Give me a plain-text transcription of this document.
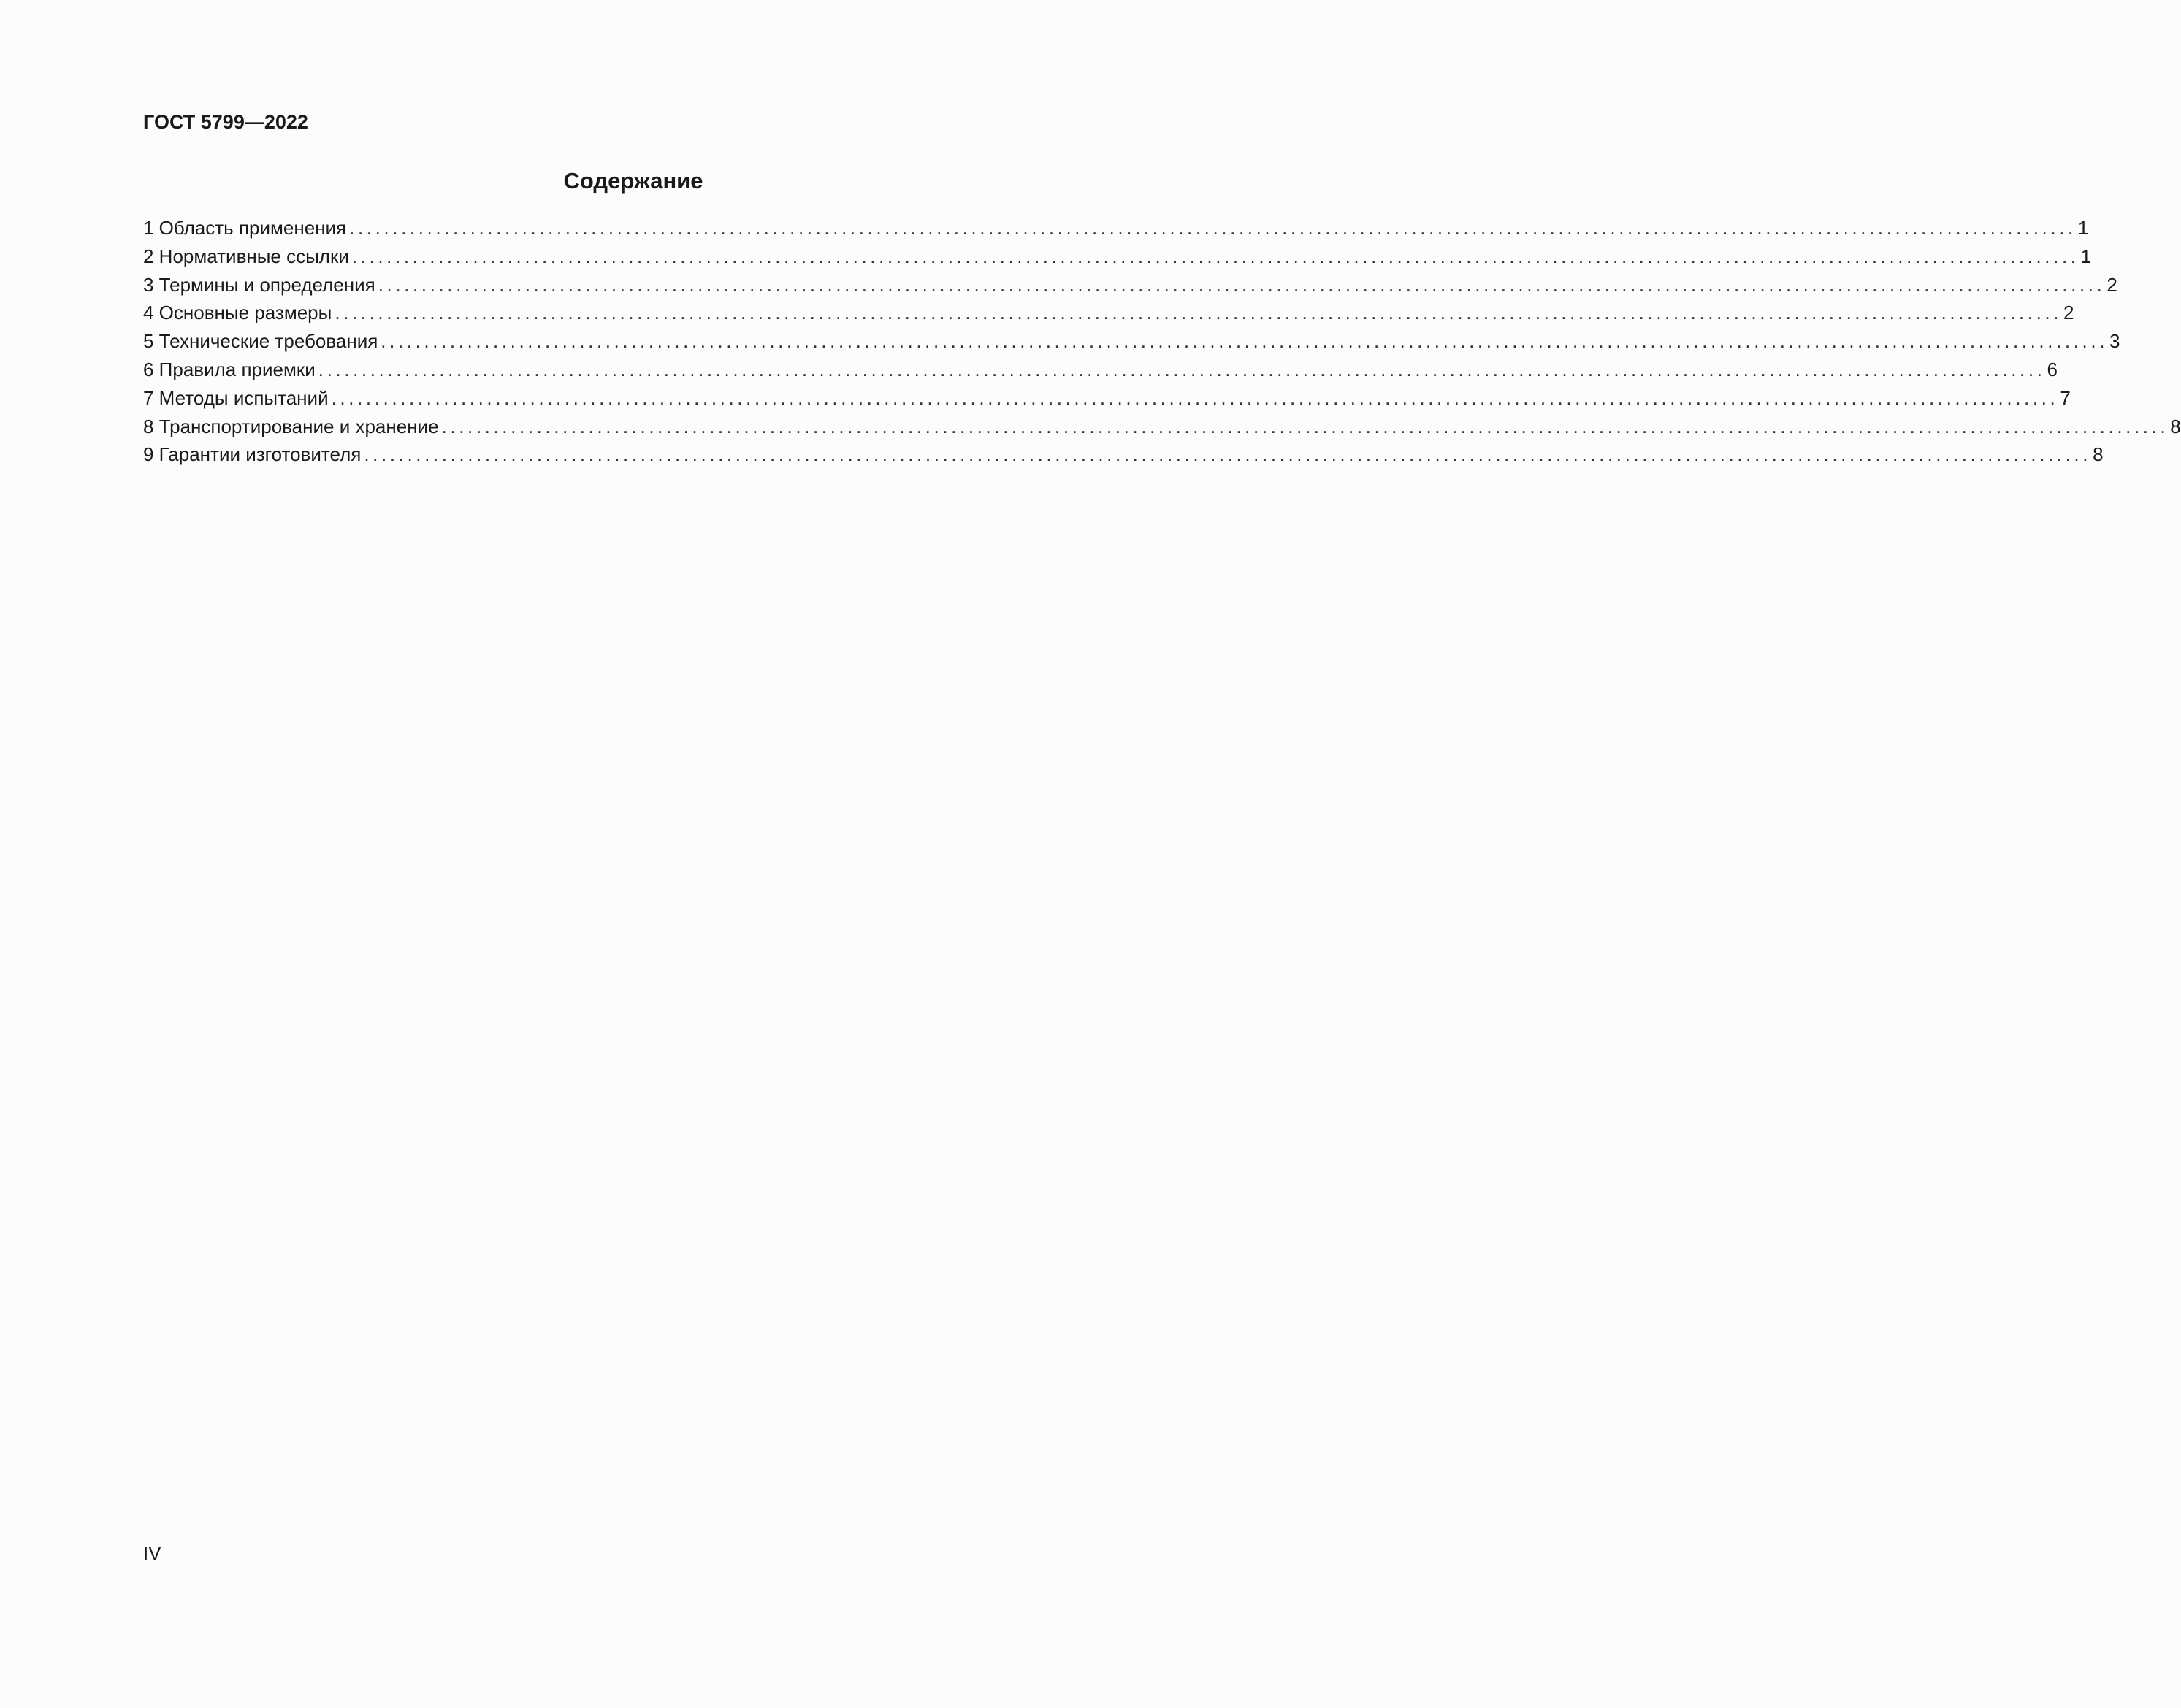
ГОСТ 5799—2022
Содержание
1 Область применения ........................................................................................................................................................................................................ 1
2 Нормативные ссылки ........................................................................................................................................................................................................ 1
3 Термины и определения ........................................................................................................................................................................................................ 2
4 Основные размеры ........................................................................................................................................................................................................ 2
5 Технические требования ........................................................................................................................................................................................................ 3
6 Правила приемки ........................................................................................................................................................................................................ 6
7 Методы испытаний ........................................................................................................................................................................................................ 7
8 Транспортирование и хранение ........................................................................................................................................................................................................ 8
9 Гарантии изготовителя ........................................................................................................................................................................................................ 8
IV
